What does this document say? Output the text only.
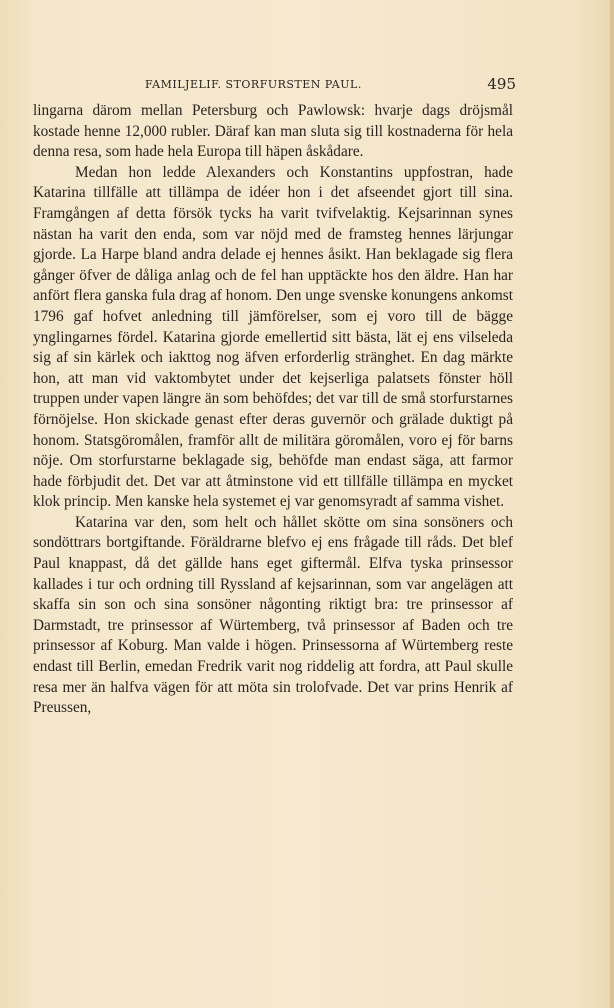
FAMILJELIF. STORFURSTEN PAUL.	495

lingarna därom mellan Petersburg och Pawlowsk: hvarje dags dröjsmål kostade henne 12,000 rubler. Däraf kan man sluta sig till kostnaderna för hela denna resa, som hade hela Europa till häpen åskådare.

Medan hon ledde Alexanders och Konstantins uppfostran, hade Katarina tillfälle att tillämpa de idéer hon i det afseendet gjort till sina. Framgången af detta försök tycks ha varit tvifvelaktig. Kejsarinnan synes nästan ha varit den enda, som var nöjd med de framsteg hennes lärjungar gjorde. La Harpe bland andra delade ej hennes åsikt. Han beklagade sig flera gånger öfver de dåliga anlag och de fel han upptäckte hos den äldre. Han har anfört flera ganska fula drag af honom. Den unge svenske konungens ankomst 1796 gaf hofvet anledning till jämförelser, som ej voro till de bägge ynglingarnes fördel. Katarina gjorde emellertid sitt bästa, lät ej ens vilseleda sig af sin kärlek och iakttog nog äfven erforderlig stränghet. En dag märkte hon, att man vid vaktombytet under det kejserliga palatsets fönster höll truppen under vapen längre än som behöfdes; det var till de små storfurstarnes förnöjelse. Hon skickade genast efter deras guvernör och grälade duktigt på honom. Statsgöromålen, framför allt de militära göromålen, voro ej för barns nöje. Om storfurstarne beklagade sig, behöfde man endast säga, att farmor hade förbjudit det. Det var att åtminstone vid ett tillfälle tillämpa en mycket klok princip. Men kanske hela systemet ej var genomsyradt af samma vishet.

Katarina var den, som helt och hållet skötte om sina sonsöners och sondöttrars bortgiftande. Föräldrarne blefvo ej ens frågade till råds. Det blef Paul knappast, då det gällde hans eget giftermål. Elfva tyska prinsessor kallades i tur och ordning till Ryssland af kejsarinnan, som var angelägen att skaffa sin son och sina sonsöner någonting riktigt bra: tre prinsessor af Darmstadt, tre prinsessor af Würtemberg, två prinsessor af Baden och tre prinsessor af Koburg. Man valde i högen. Prinsessorna af Würtemberg reste endast till Berlin, emedan Fredrik varit nog riddelig att fordra, att Paul skulle resa mer än halfva vägen för att möta sin trolofvade. Det var prins Henrik af Preussen,
